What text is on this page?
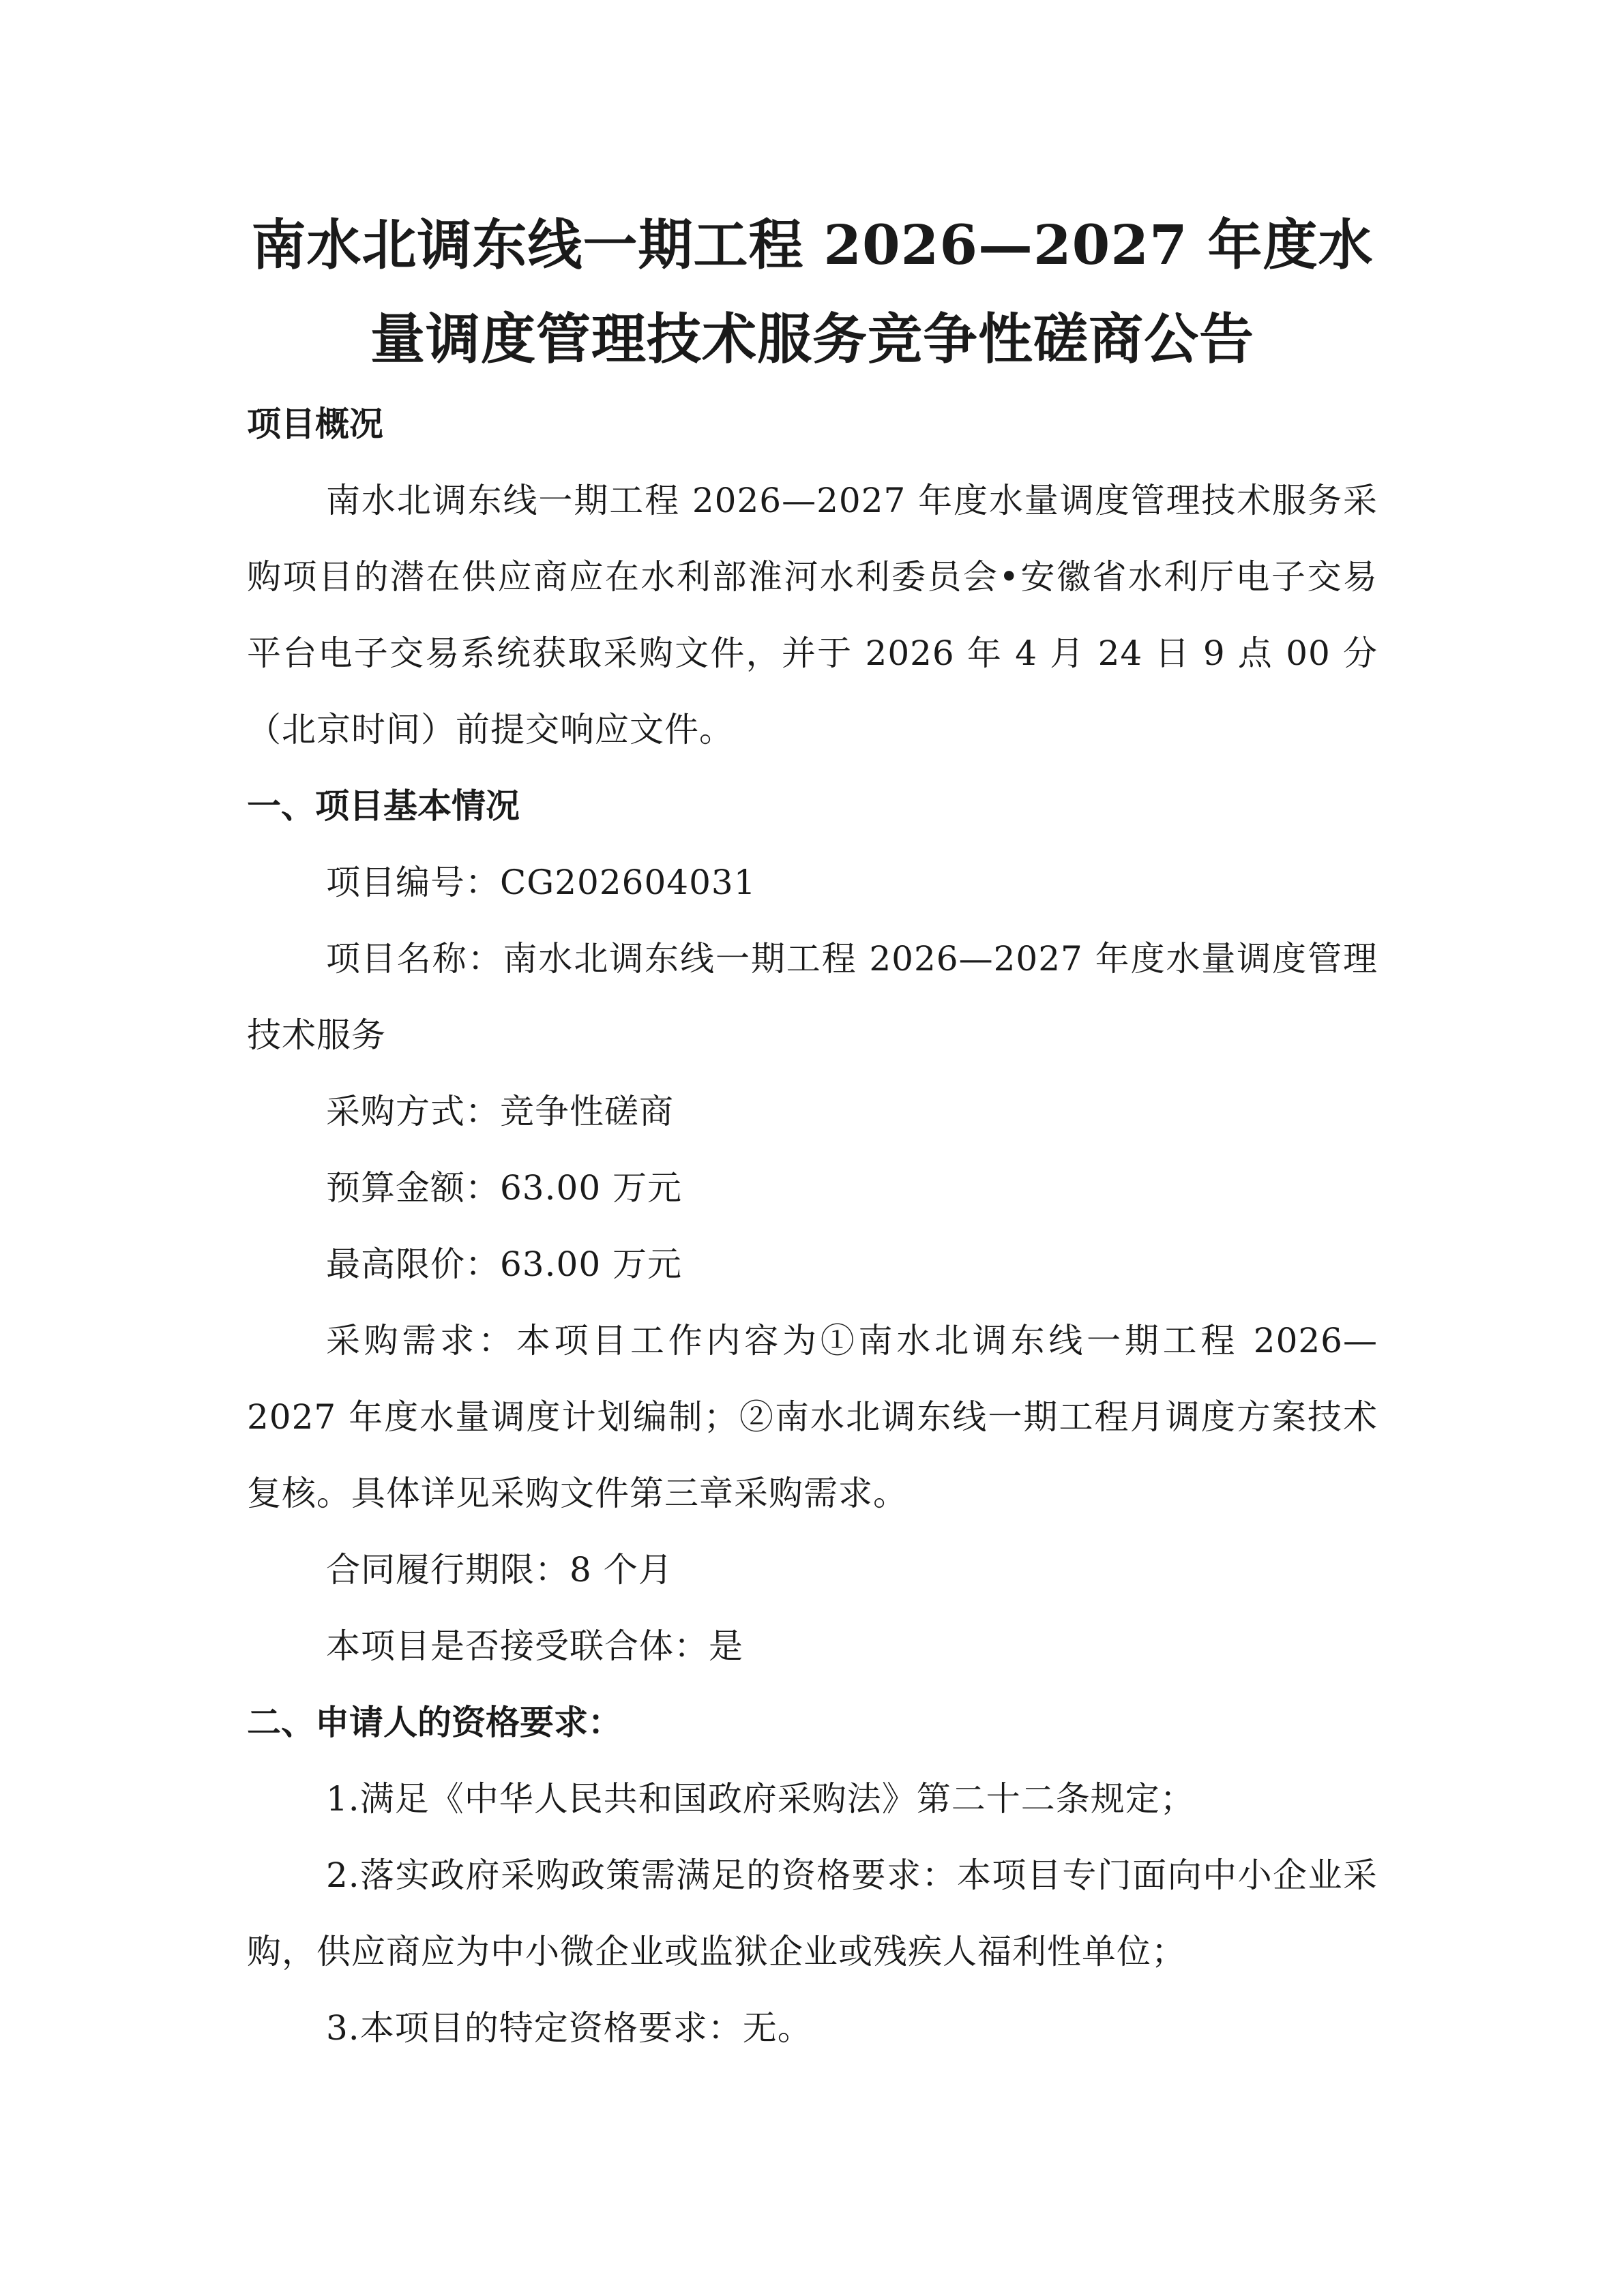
南水北调东线一期工程 2026—2027 年度水
量调度管理技术服务竞争性磋商公告

项目概况

南水北调东线一期工程 2026—2027 年度水量调度管理技术服务采购项目的潜在供应商应在水利部淮河水利委员会•安徽省水利厅电子交易平台电子交易系统获取采购文件，并于 2026 年 4 月 24 日 9 点 00 分（北京时间）前提交响应文件。

一、项目基本情况

项目编号：CG202604031

项目名称：南水北调东线一期工程 2026—2027 年度水量调度管理技术服务

采购方式：竞争性磋商

预算金额：63.00 万元

最高限价：63.00 万元

采购需求：本项目工作内容为①南水北调东线一期工程 2026—2027 年度水量调度计划编制；②南水北调东线一期工程月调度方案技术复核。具体详见采购文件第三章采购需求。

合同履行期限：8 个月

本项目是否接受联合体：是

二、申请人的资格要求：

1.满足《中华人民共和国政府采购法》第二十二条规定；

2.落实政府采购政策需满足的资格要求：本项目专门面向中小企业采购，供应商应为中小微企业或监狱企业或残疾人福利性单位；

3.本项目的特定资格要求：无。
